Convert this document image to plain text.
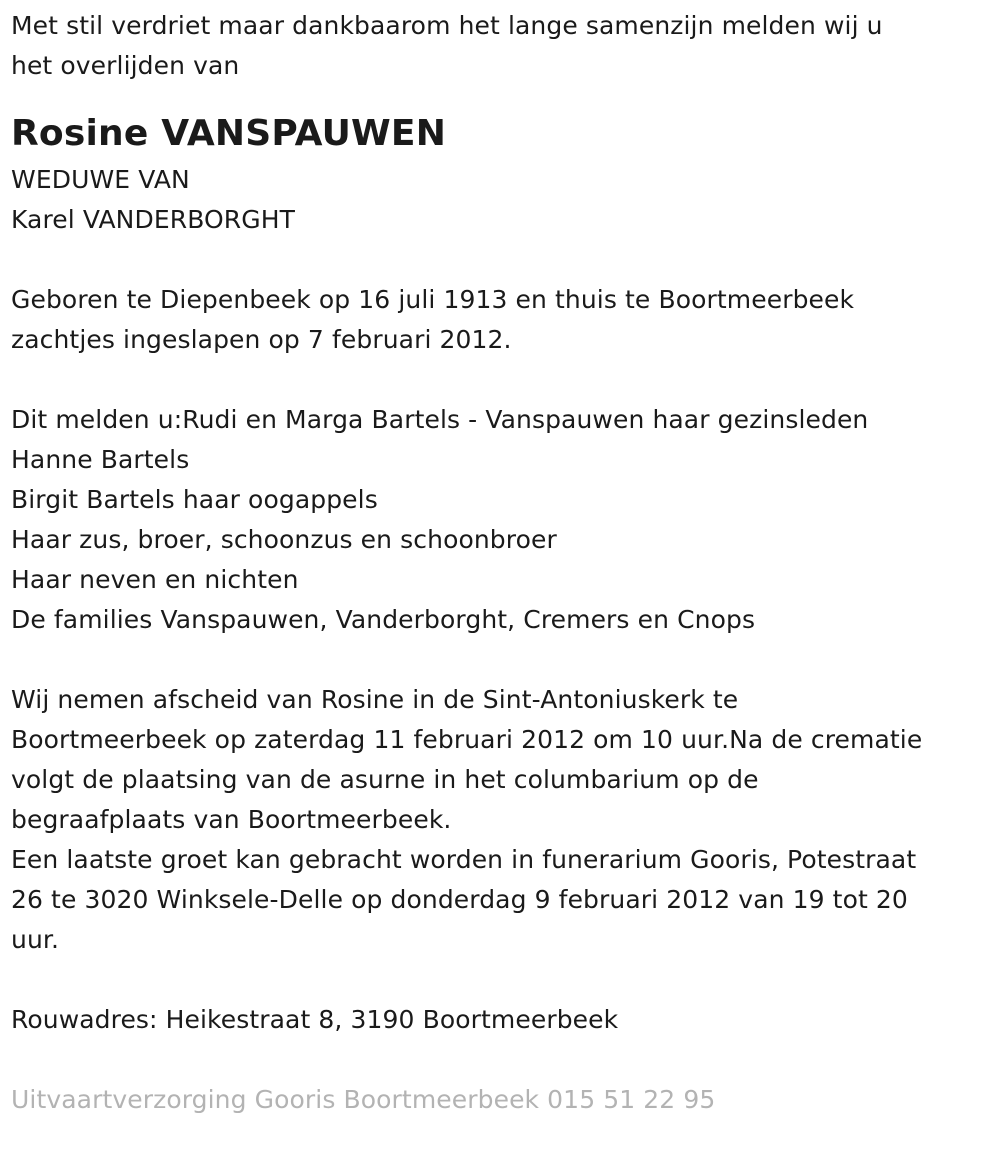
Met stil verdriet maar dankbaarom het lange samenzijn melden wij u
het overlijden van
Rosine VANSPAUWEN
WEDUWE VAN
Karel VANDERBORGHT
Geboren te Diepenbeek op 16 juli 1913 en thuis te Boortmeerbeek
zachtjes ingeslapen op 7 februari 2012.
Dit melden u:Rudi en Marga Bartels - Vanspauwen haar gezinsleden
Hanne Bartels
Birgit Bartels haar oogappels
Haar zus, broer, schoonzus en schoonbroer
Haar neven en nichten
De families Vanspauwen, Vanderborght, Cremers en Cnops
Wij nemen afscheid van Rosine in de Sint-Antoniuskerk te
Boortmeerbeek op zaterdag 11 februari 2012 om 10 uur.Na de crematie
volgt de plaatsing van de asurne in het columbarium op de
begraafplaats van Boortmeerbeek.
Een laatste groet kan gebracht worden in funerarium Gooris, Potestraat
26 te 3020 Winksele-Delle op donderdag 9 februari 2012 van 19 tot 20
uur.
Rouwadres: Heikestraat 8, 3190 Boortmeerbeek
Uitvaartverzorging Gooris Boortmeerbeek 015 51 22 95
